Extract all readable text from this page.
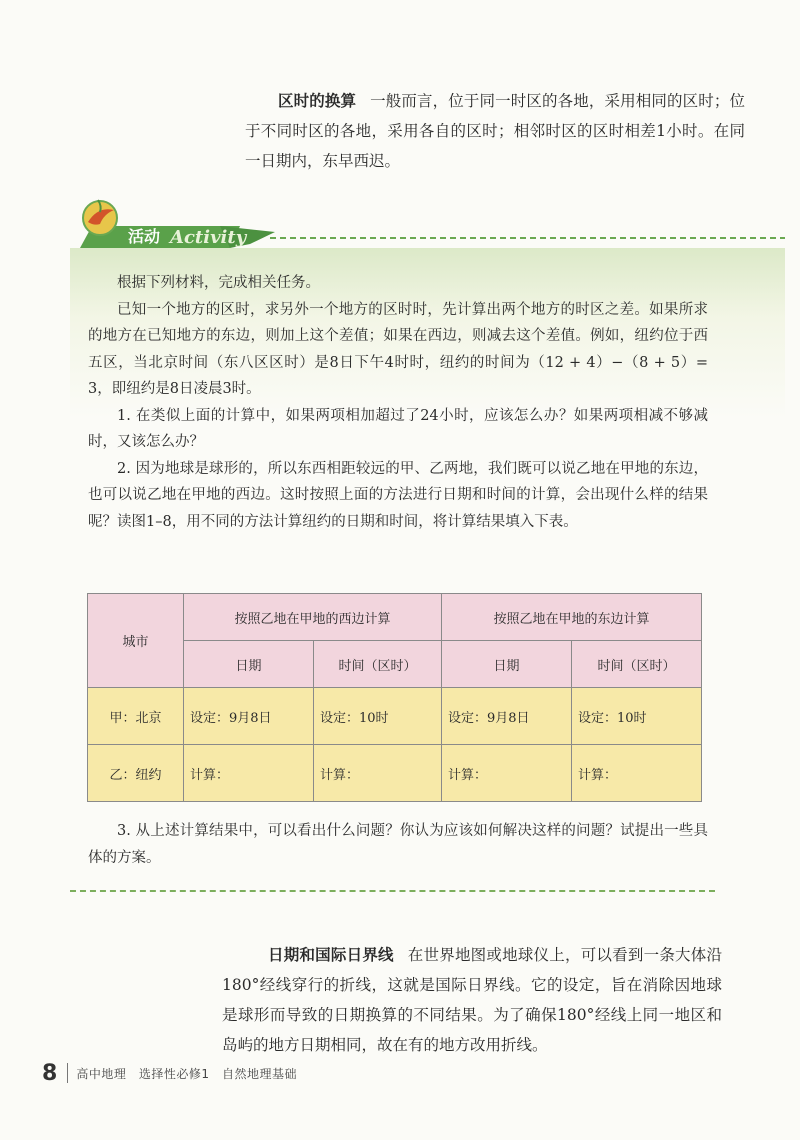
区时的换算 一般而言，位于同一时区的各地，采用相同的区时；位于不同时区的各地，采用各自的区时；相邻时区的区时相差1小时。在同一日期内，东早西迟。

活动 Activity

根据下列材料，完成相关任务。

已知一个地方的区时，求另外一个地方的区时时，先计算出两个地方的时区之差。如果所求的地方在已知地方的东边，则加上这个差值；如果在西边，则减去这个差值。例如，纽约位于西五区，当北京时间（东八区区时）是8日下午4时时，纽约的时间为（12 + 4）−（8 + 5）= 3，即纽约是8日凌晨3时。

1. 在类似上面的计算中，如果两项相加超过了24小时，应该怎么办？如果两项相减不够减时，又该怎么办？

2. 因为地球是球形的，所以东西相距较远的甲、乙两地，我们既可以说乙地在甲地的东边，也可以说乙地在甲地的西边。这时按照上面的方法进行日期和时间的计算，会出现什么样的结果呢？读图1–8，用不同的方法计算纽约的日期和时间，将计算结果填入下表。

城市	按照乙地在甲地的西边计算		按照乙地在甲地的东边计算	
	日期	时间（区时）	日期	时间（区时）
甲：北京	设定：9月8日	设定：10时	设定：9月8日	设定：10时
乙：纽约	计算：	计算：	计算：	计算：

3. 从上述计算结果中，可以看出什么问题？你认为应该如何解决这样的问题？试提出一些具体的方案。

日期和国际日界线 在世界地图或地球仪上，可以看到一条大体沿180°经线穿行的折线，这就是国际日界线。它的设定，旨在消除因地球是球形而导致的日期换算的不同结果。为了确保180°经线上同一地区和岛屿的地方日期相同，故在有的地方改用折线。

8 高中地理　选择性必修1　自然地理基础
